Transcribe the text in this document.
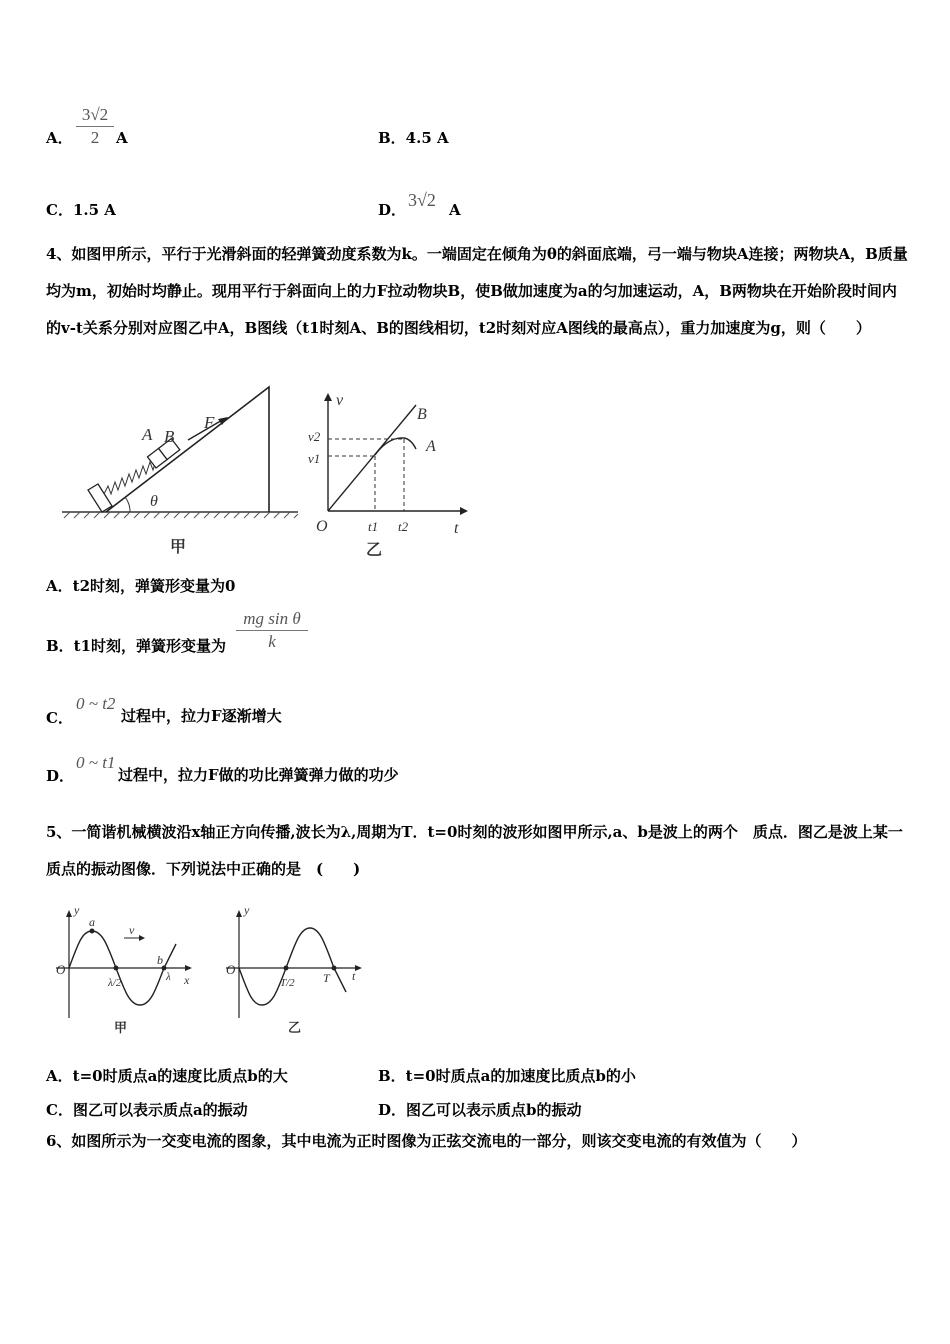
A．
3√2
2	A	B．4.5 A
C．1.5 A	D． 3√2 A
4、如图甲所示，平行于光滑斜面的轻弹簧劲度系数为k。一端固定在倾角为θ的斜面底端，弓一端与物块A连接；两物块A，B质量均为m，初始时均静止。现用平行于斜面向上的力F拉动物块B，使B做加速度为a的匀加速运动，A，B两物块在开始阶段时间内的v-t关系分别对应图乙中A，B图线（t1时刻A、B的图线相切，t2时刻对应A图线的最高点），重力加速度为g，则（　　）
A B
F
θ
甲
v
t
O
v2
v1
t1 t2
B
A
乙
A．t2时刻，弹簧形变量为0
B．t1时刻，弹簧形变量为
mg sin θ
k
C．
0 ~ t2
过程中，拉力F逐渐增大
D．
0 ~ t1
过程中，拉力F做的功比弹簧弹力做的功少
5、一简谐机械横波沿x轴正方向传播,波长为λ,周期为T．t=0时刻的波形如图甲所示,a、b是波上的两个　质点．图乙是波上某一质点的振动图像．下列说法中正确的是　(　　)
y
x
O
a
b
v
λ/2	λ
甲
y
t
O
T/2 T
乙
A．t=0时质点a的速度比质点b的大	B．t=0时质点a的加速度比质点b的小
C．图乙可以表示质点a的振动	D．图乙可以表示质点b的振动
6、如图所示为一交变电流的图象，其中电流为正时图像为正弦交流电的一部分，则该交变电流的有效值为（　　）
